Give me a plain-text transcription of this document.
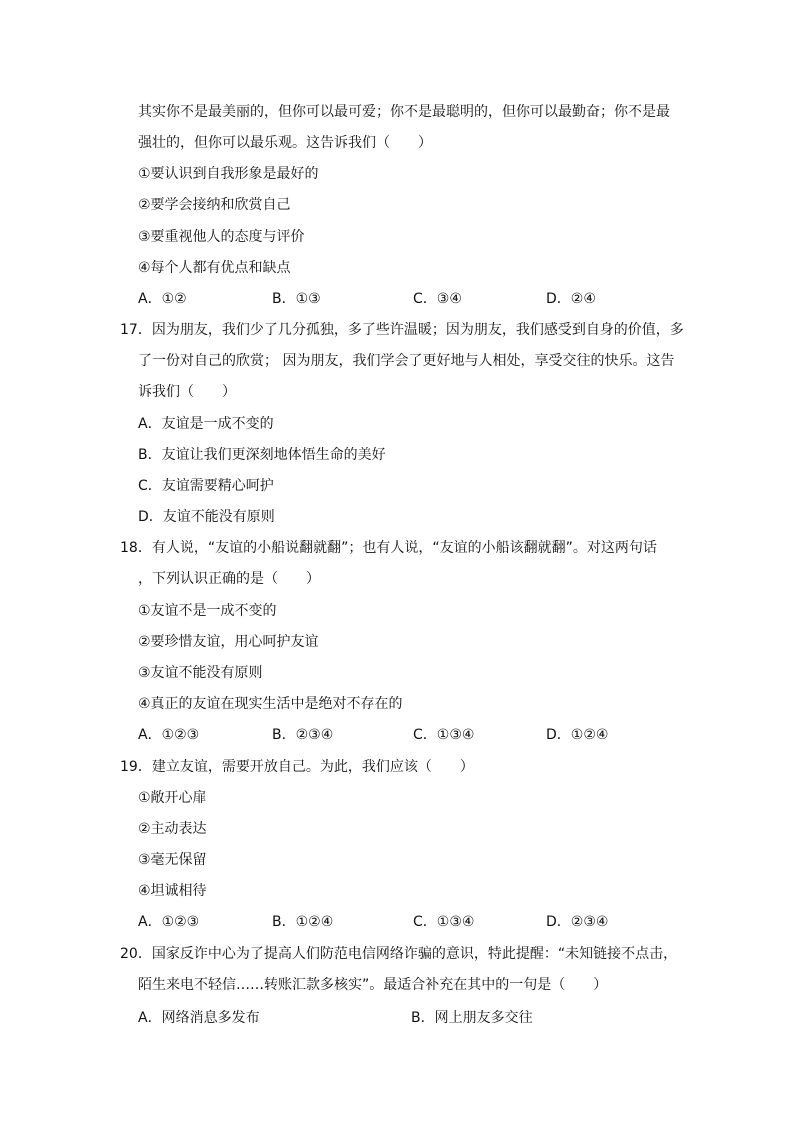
其实你不是最美丽的，但你可以最可爱；你不是最聪明的，但你可以最勤奋；你不是最
强壮的，但你可以最乐观。这告诉我们（　　）
①要认识到自我形象是最好的
②要学会接纳和欣赏自己
③要重视他人的态度与评价
④每个人都有优点和缺点
A．①②	B．①③	C．③④	D．②④
17．因为朋友，我们少了几分孤独，多了些许温暖；因为朋友，我们感受到自身的价值，多
了一份对自己的欣赏； 因为朋友，我们学会了更好地与人相处，享受交往的快乐。这告
诉我们（　　）
A．友谊是一成不变的
B．友谊让我们更深刻地体悟生命的美好
C．友谊需要精心呵护
D．友谊不能没有原则
18．有人说，“友谊的小船说翻就翻”；也有人说，“友谊的小船该翻就翻”。对这两句话
，下列认识正确的是（　　）
①友谊不是一成不变的
②要珍惜友谊，用心呵护友谊
③友谊不能没有原则
④真正的友谊在现实生活中是绝对不存在的
A．①②③	B．②③④	C．①③④	D．①②④
19．建立友谊，需要开放自己。为此，我们应该（　　）
①敞开心扉
②主动表达
③毫无保留
④坦诚相待
A．①②③	B．①②④	C．①③④	D．②③④
20．国家反诈中心为了提高人们防范电信网络诈骗的意识，特此提醒：“未知链接不点击，
陌生来电不轻信……转账汇款多核实”。最适合补充在其中的一句是（　　）
A．网络消息多发布	B．网上朋友多交往
